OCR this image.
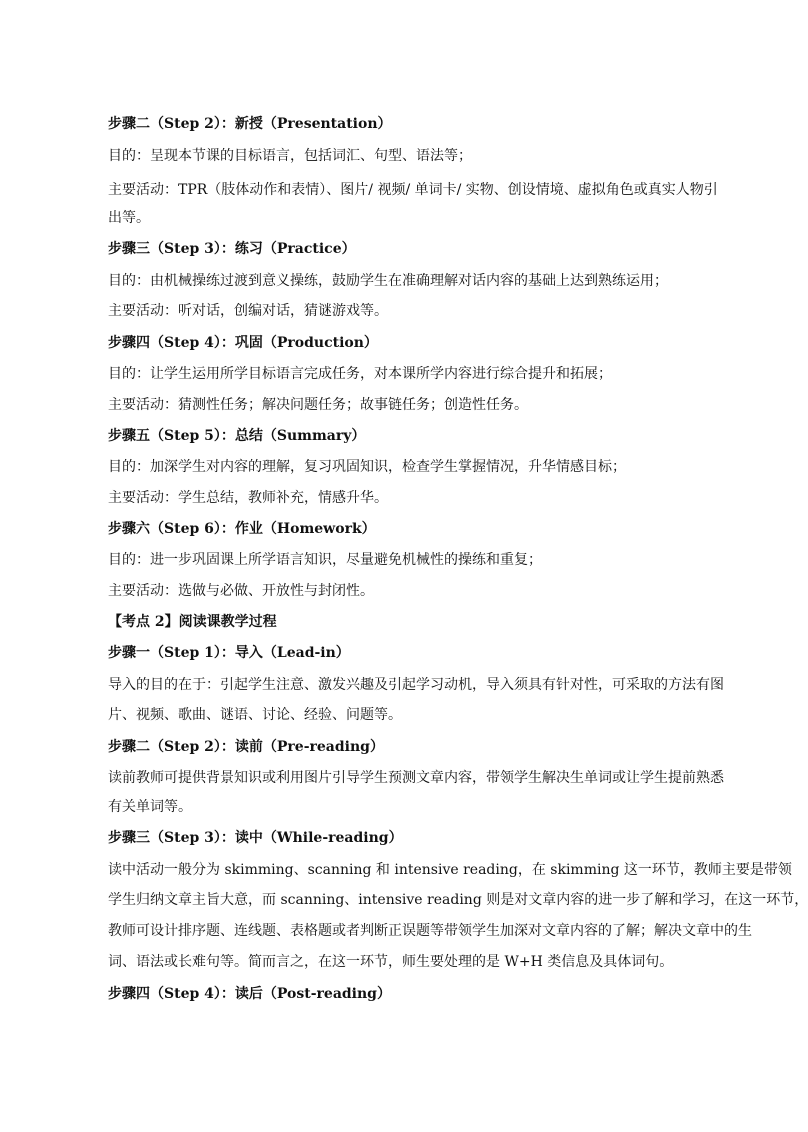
步骤二（Step 2）：新授（Presentation）
目的：呈现本节课的目标语言，包括词汇、句型、语法等；
主要活动：TPR（肢体动作和表情）、图片/ 视频/ 单词卡/ 实物、创设情境、虚拟角色或真实人物引
出等。
步骤三（Step 3）：练习（Practice）
目的：由机械操练过渡到意义操练，鼓励学生在准确理解对话内容的基础上达到熟练运用；
主要活动：听对话，创编对话，猜谜游戏等。
步骤四（Step 4）：巩固（Production）
目的：让学生运用所学目标语言完成任务，对本课所学内容进行综合提升和拓展；
主要活动：猜测性任务；解决问题任务；故事链任务；创造性任务。
步骤五（Step 5）：总结（Summary）
目的：加深学生对内容的理解，复习巩固知识，检查学生掌握情况，升华情感目标；
主要活动：学生总结，教师补充，情感升华。
步骤六（Step 6）：作业（Homework）
目的：进一步巩固课上所学语言知识，尽量避免机械性的操练和重复；
主要活动：选做与必做、开放性与封闭性。
【考点 2】阅读课教学过程
步骤一（Step 1）：导入（Lead-in）
导入的目的在于：引起学生注意、激发兴趣及引起学习动机，导入须具有针对性，可采取的方法有图
片、视频、歌曲、谜语、讨论、经验、问题等。
步骤二（Step 2）：读前（Pre-reading）
读前教师可提供背景知识或利用图片引导学生预测文章内容，带领学生解决生单词或让学生提前熟悉
有关单词等。
步骤三（Step 3）：读中（While-reading）
读中活动一般分为 skimming、scanning 和 intensive reading，在 skimming 这一环节，教师主要是带领
学生归纳文章主旨大意，而 scanning、intensive reading 则是对文章内容的进一步了解和学习，在这一环节，
教师可设计排序题、连线题、表格题或者判断正误题等带领学生加深对文章内容的了解；解决文章中的生
词、语法或长难句等。简而言之，在这一环节，师生要处理的是 W+H 类信息及具体词句。
步骤四（Step 4）：读后（Post-reading）
